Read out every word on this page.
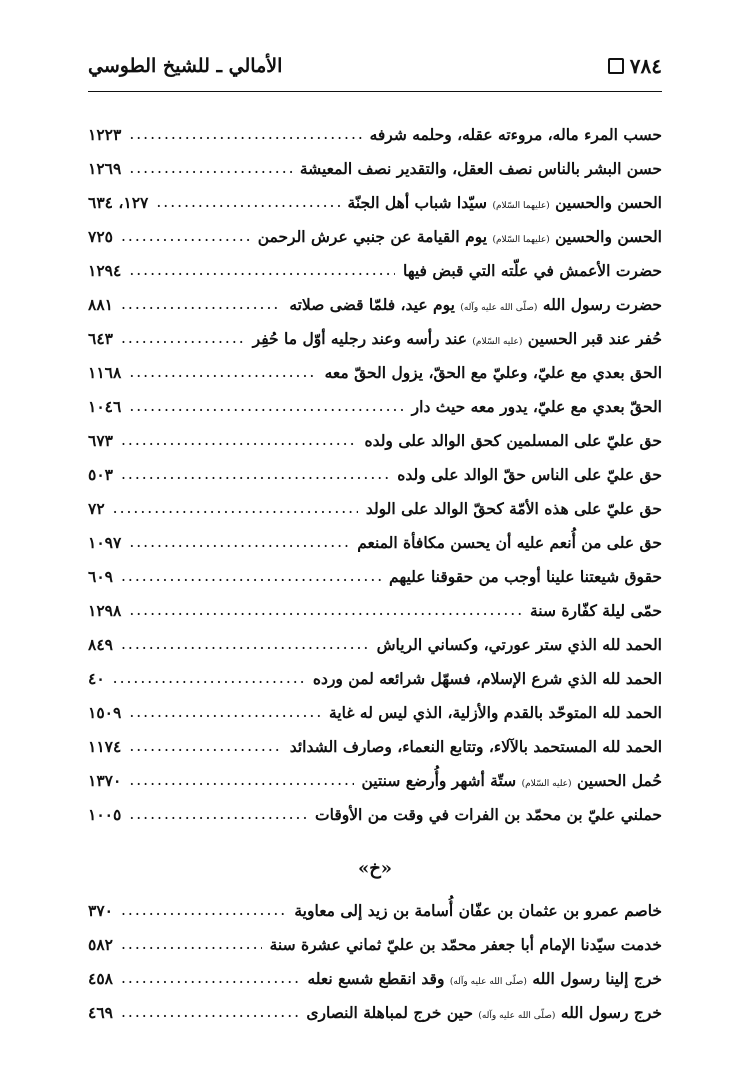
٧٨٤
الأمالي ـ للشيخ الطوسي
حسب المرء ماله، مروءته عقله، وحلمه شرفه
.....
١٢٢٣
حسن البشر بالناس نصف العقل، والتقدير نصف المعيشة
.....
١٢٦٩
الحسن والحسين (عليهما السّلام) سيّدا شباب أهل الجنّة
.....
١٢٧، ٦٣٤
الحسن والحسين (عليهما السّلام) يوم القيامة عن جنبي عرش الرحمن
.....
٧٢٥
حضرت الأعمش في علّته التي قبض فيها
.....
١٢٩٤
حضرت رسول الله (صلّى الله عليه وآله) يوم عيد، فلمّا قضى صلاته
.....
٨٨١
حُفر عند قبر الحسين (عليه السّلام) عند رأسه وعند رجليه أوّل ما حُفِر
.....
٦٤٣
الحق بعدي مع عليّ، وعليّ مع الحقّ، يزول الحقّ معه
.....
١١٦٨
الحقّ بعدي مع عليّ، يدور معه حيث دار
.....
١٠٤٦
حق عليّ على المسلمين كحق الوالد على ولده
.....
٦٧٣
حق عليّ على الناس حقّ الوالد على ولده
.....
٥٠٣
حق عليّ على هذه الأمّة كحقّ الوالد على الولد
.....
٧٢
حق على من أُنعم عليه أن يحسن مكافأة المنعم
.....
١٠٩٧
حقوق شيعتنا علينا أوجب من حقوقنا عليهم
.....
٦٠٩
حمّى ليلة كفّارة سنة
.....
١٢٩٨
الحمد لله الذي ستر عورتي، وكساني الرياش
.....
٨٤٩
الحمد لله الذي شرع الإسلام، فسهّل شرائعه لمن ورده
.....
٤٠
الحمد لله المتوحّد بالقدم والأزلية، الذي ليس له غاية
.....
١٥٠٩
الحمد لله المستحمد بالآلاء، وتتابع النعماء، وصارف الشدائد
.....
١١٧٤
حُمل الحسين (عليه السّلام) ستّة أشهر وأُرضع سنتين
.....
١٣٧٠
حملني عليّ بن محمّد بن الفرات في وقت من الأوقات
.....
١٠٠٥
«خ»
خاصم عمرو بن عثمان بن عفّان أُسامة بن زيد إلى معاوية
.....
٣٧٠
خدمت سيّدنا الإمام أبا جعفر محمّد بن عليّ ثماني عشرة سنة
.....
٥٨٢
خرج إلينا رسول الله (صلّى الله عليه وآله) وقد انقطع شسع نعله
.....
٤٥٨
خرج رسول الله (صلّى الله عليه وآله) حين خرج لمباهلة النصارى
.....
٤٦٩
